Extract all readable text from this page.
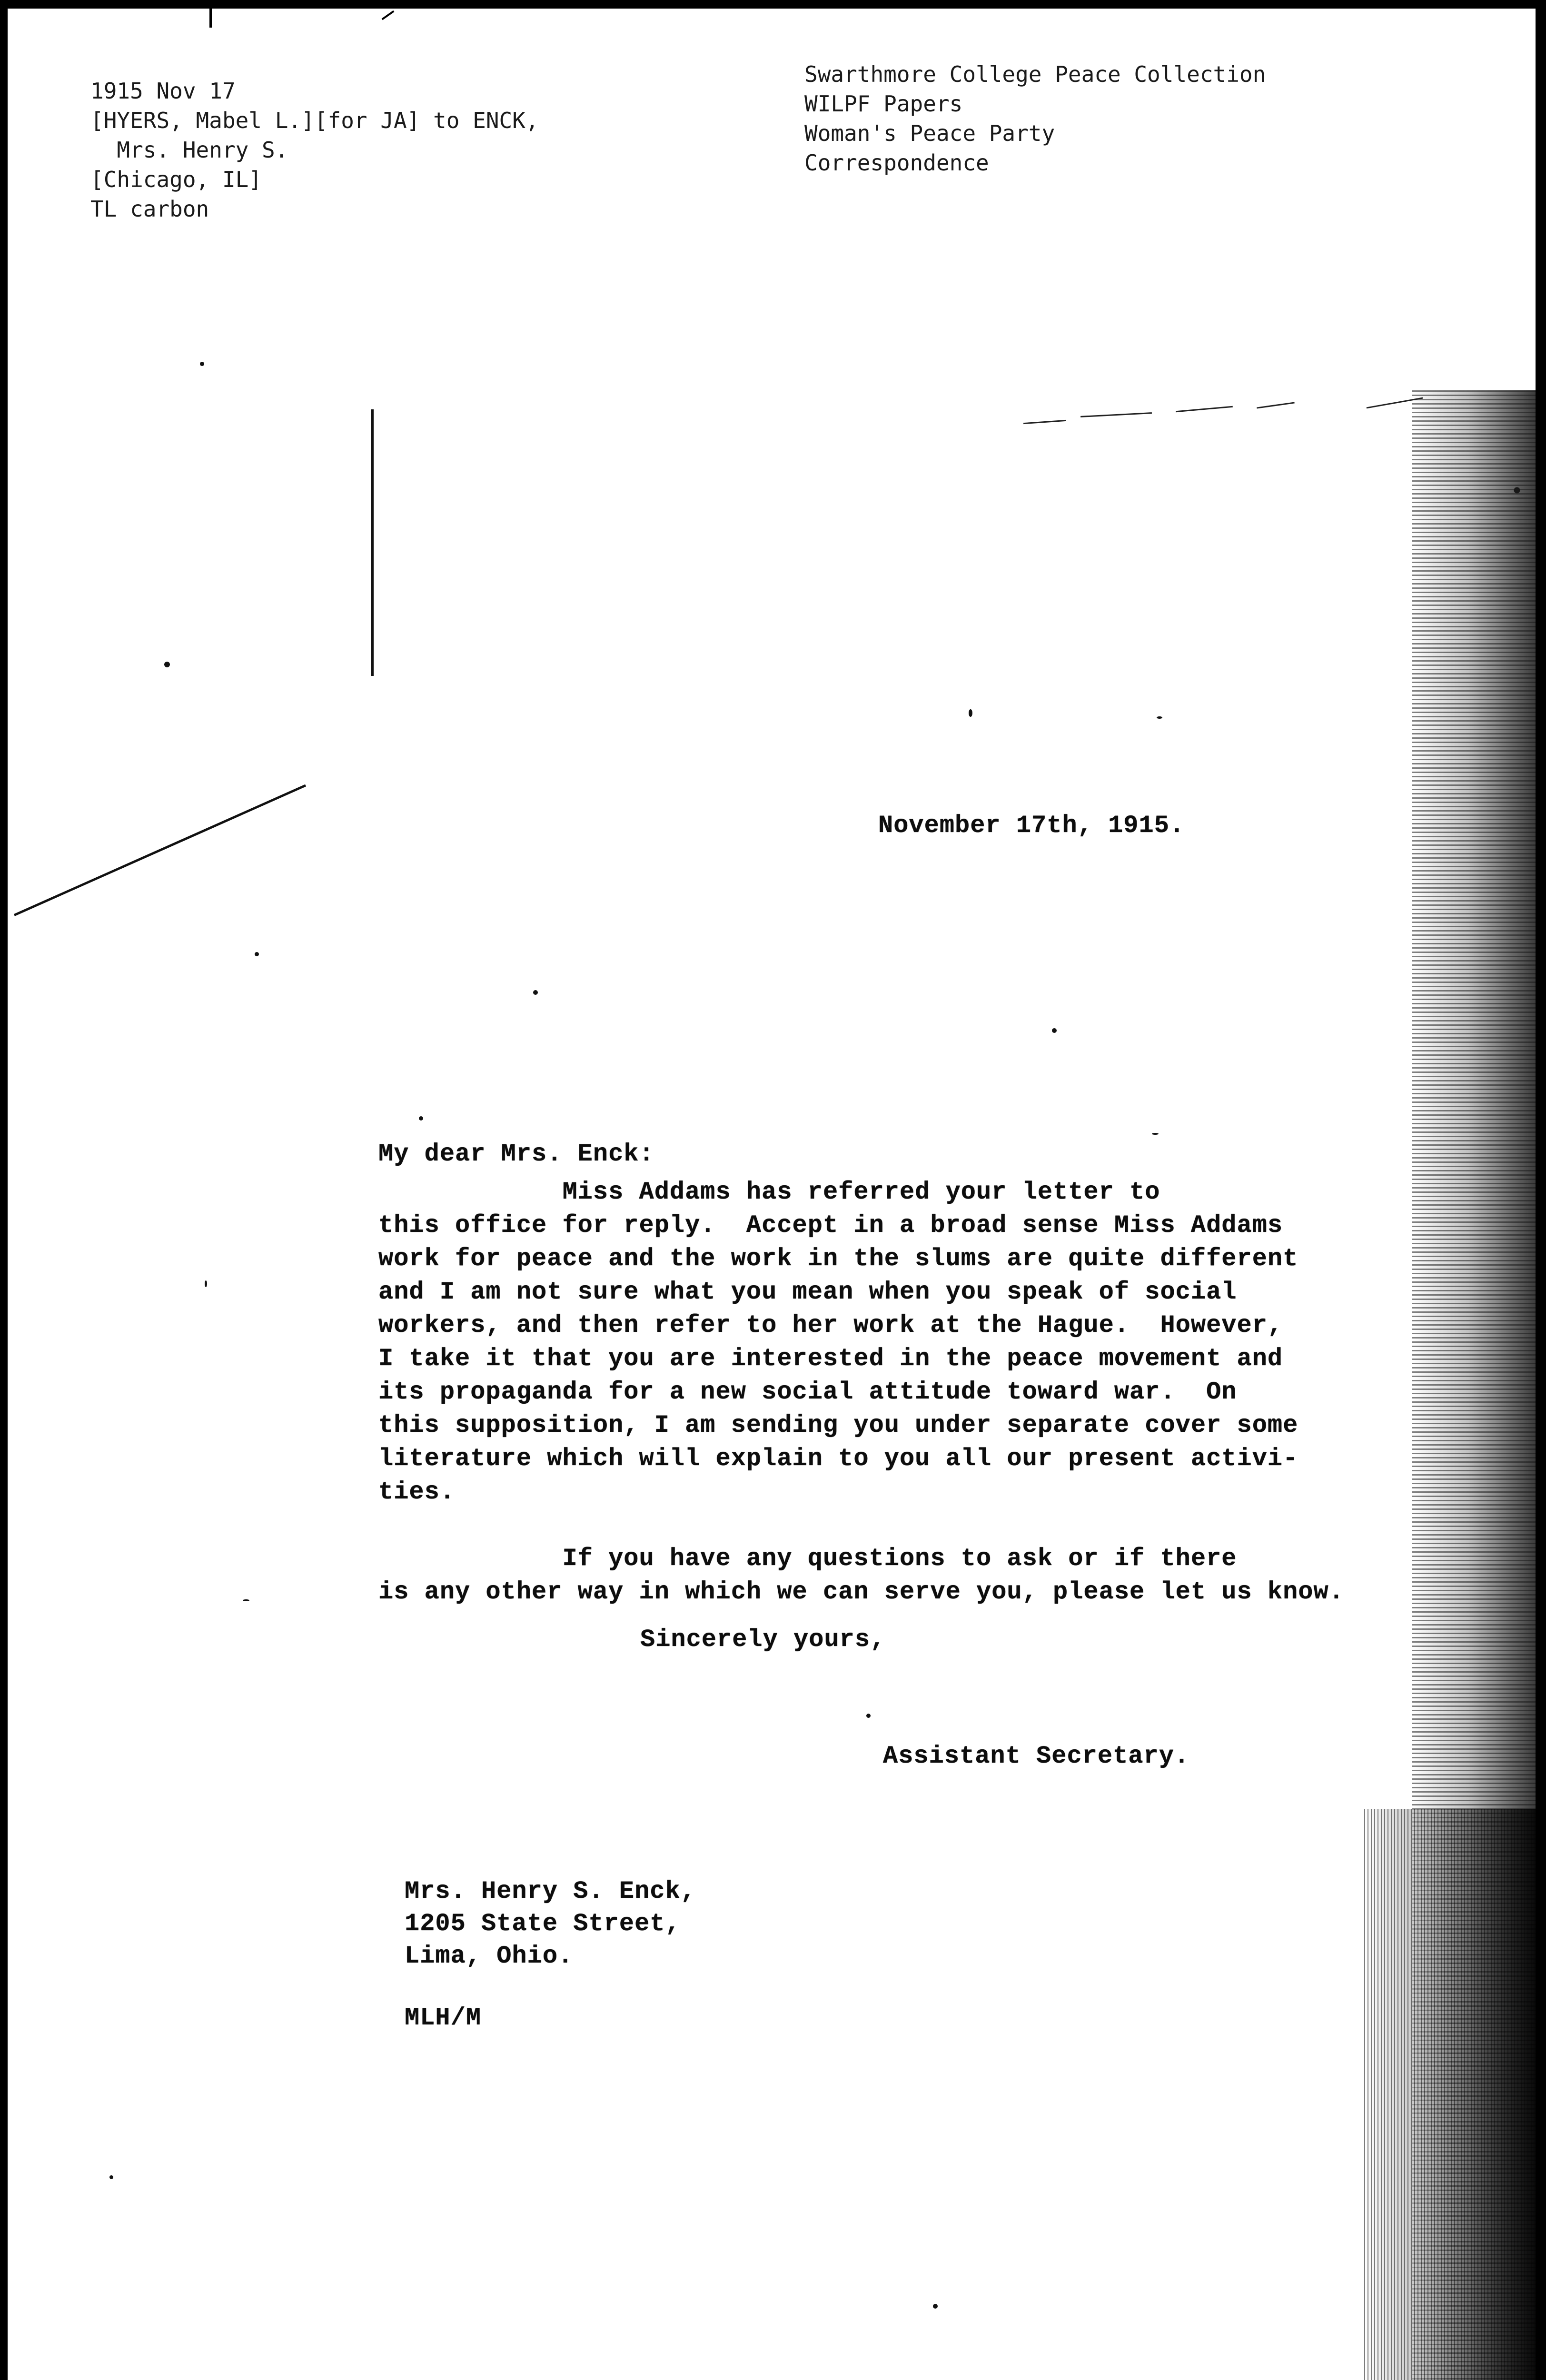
1915 Nov 17
[HYERS, Mabel L.][for JA] to ENCK,
Mrs. Henry S.
[Chicago, IL]
TL carbon
Swarthmore College Peace Collection
WILPF Papers
Woman's Peace Party
Correspondence
November 17th, 1915.
My dear Mrs. Enck:
Miss Addams has referred your letter to
this office for reply.  Accept in a broad sense Miss Addams
work for peace and the work in the slums are quite different
and I am not sure what you mean when you speak of social
workers, and then refer to her work at the Hague.  However,
I take it that you are interested in the peace movement and
its propaganda for a new social attitude toward war.  On
this supposition, I am sending you under separate cover some
literature which will explain to you all our present activi-
ties.

If you have any questions to ask or if there
is any other way in which we can serve you, please let us know.
Sincerely yours,
Assistant Secretary.
Mrs. Henry S. Enck,
1205 State Street,
Lima, Ohio.
MLH/M
